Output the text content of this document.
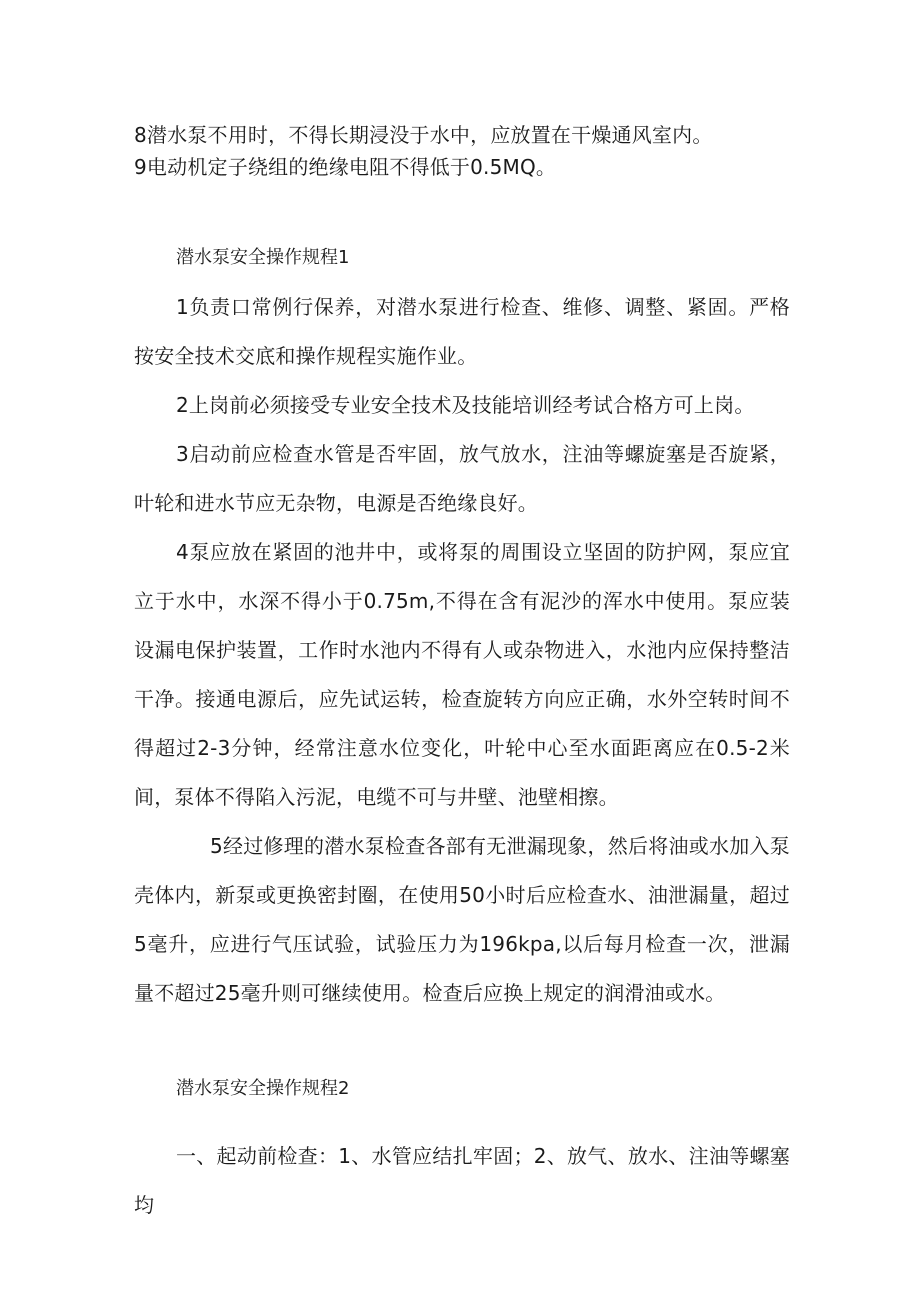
8潜水泵不用时，不得长期浸没于水中，应放置在干燥通风室内。
9电动机定子绕组的绝缘电阻不得低于0.5MQ。
潜水泵安全操作规程1
1负责口常例行保养，对潜水泵进行检查、维修、调整、紧固。严格按安全技术交底和操作规程实施作业。
2上岗前必须接受专业安全技术及技能培训经考试合格方可上岗。
3启动前应检查水管是否牢固，放气放水，注油等螺旋塞是否旋紧，叶轮和进水节应无杂物，电源是否绝缘良好。
4泵应放在紧固的池井中，或将泵的周围设立坚固的防护网，泵应宜立于水中，水深不得小于0.75m,不得在含有泥沙的浑水中使用。泵应装设漏电保护装置，工作时水池内不得有人或杂物进入，水池内应保持整洁干净。接通电源后，应先试运转，检查旋转方向应正确，水外空转时间不得超过2-3分钟，经常注意水位变化，叶轮中心至水面距离应在0.5-2米间，泵体不得陷入污泥，电缆不可与井壁、池壁相擦。
5经过修理的潜水泵检查各部有无泄漏现象，然后将油或水加入泵壳体内，新泵或更换密封圈，在使用50小时后应检查水、油泄漏量，超过5毫升，应进行气压试验，试验压力为196kpa,以后每月检查一次，泄漏量不超过25毫升则可继续使用。检查后应换上规定的润滑油或水。
潜水泵安全操作规程2
一、起动前检查：1、水管应结扎牢固；2、放气、放水、注油等螺塞均
